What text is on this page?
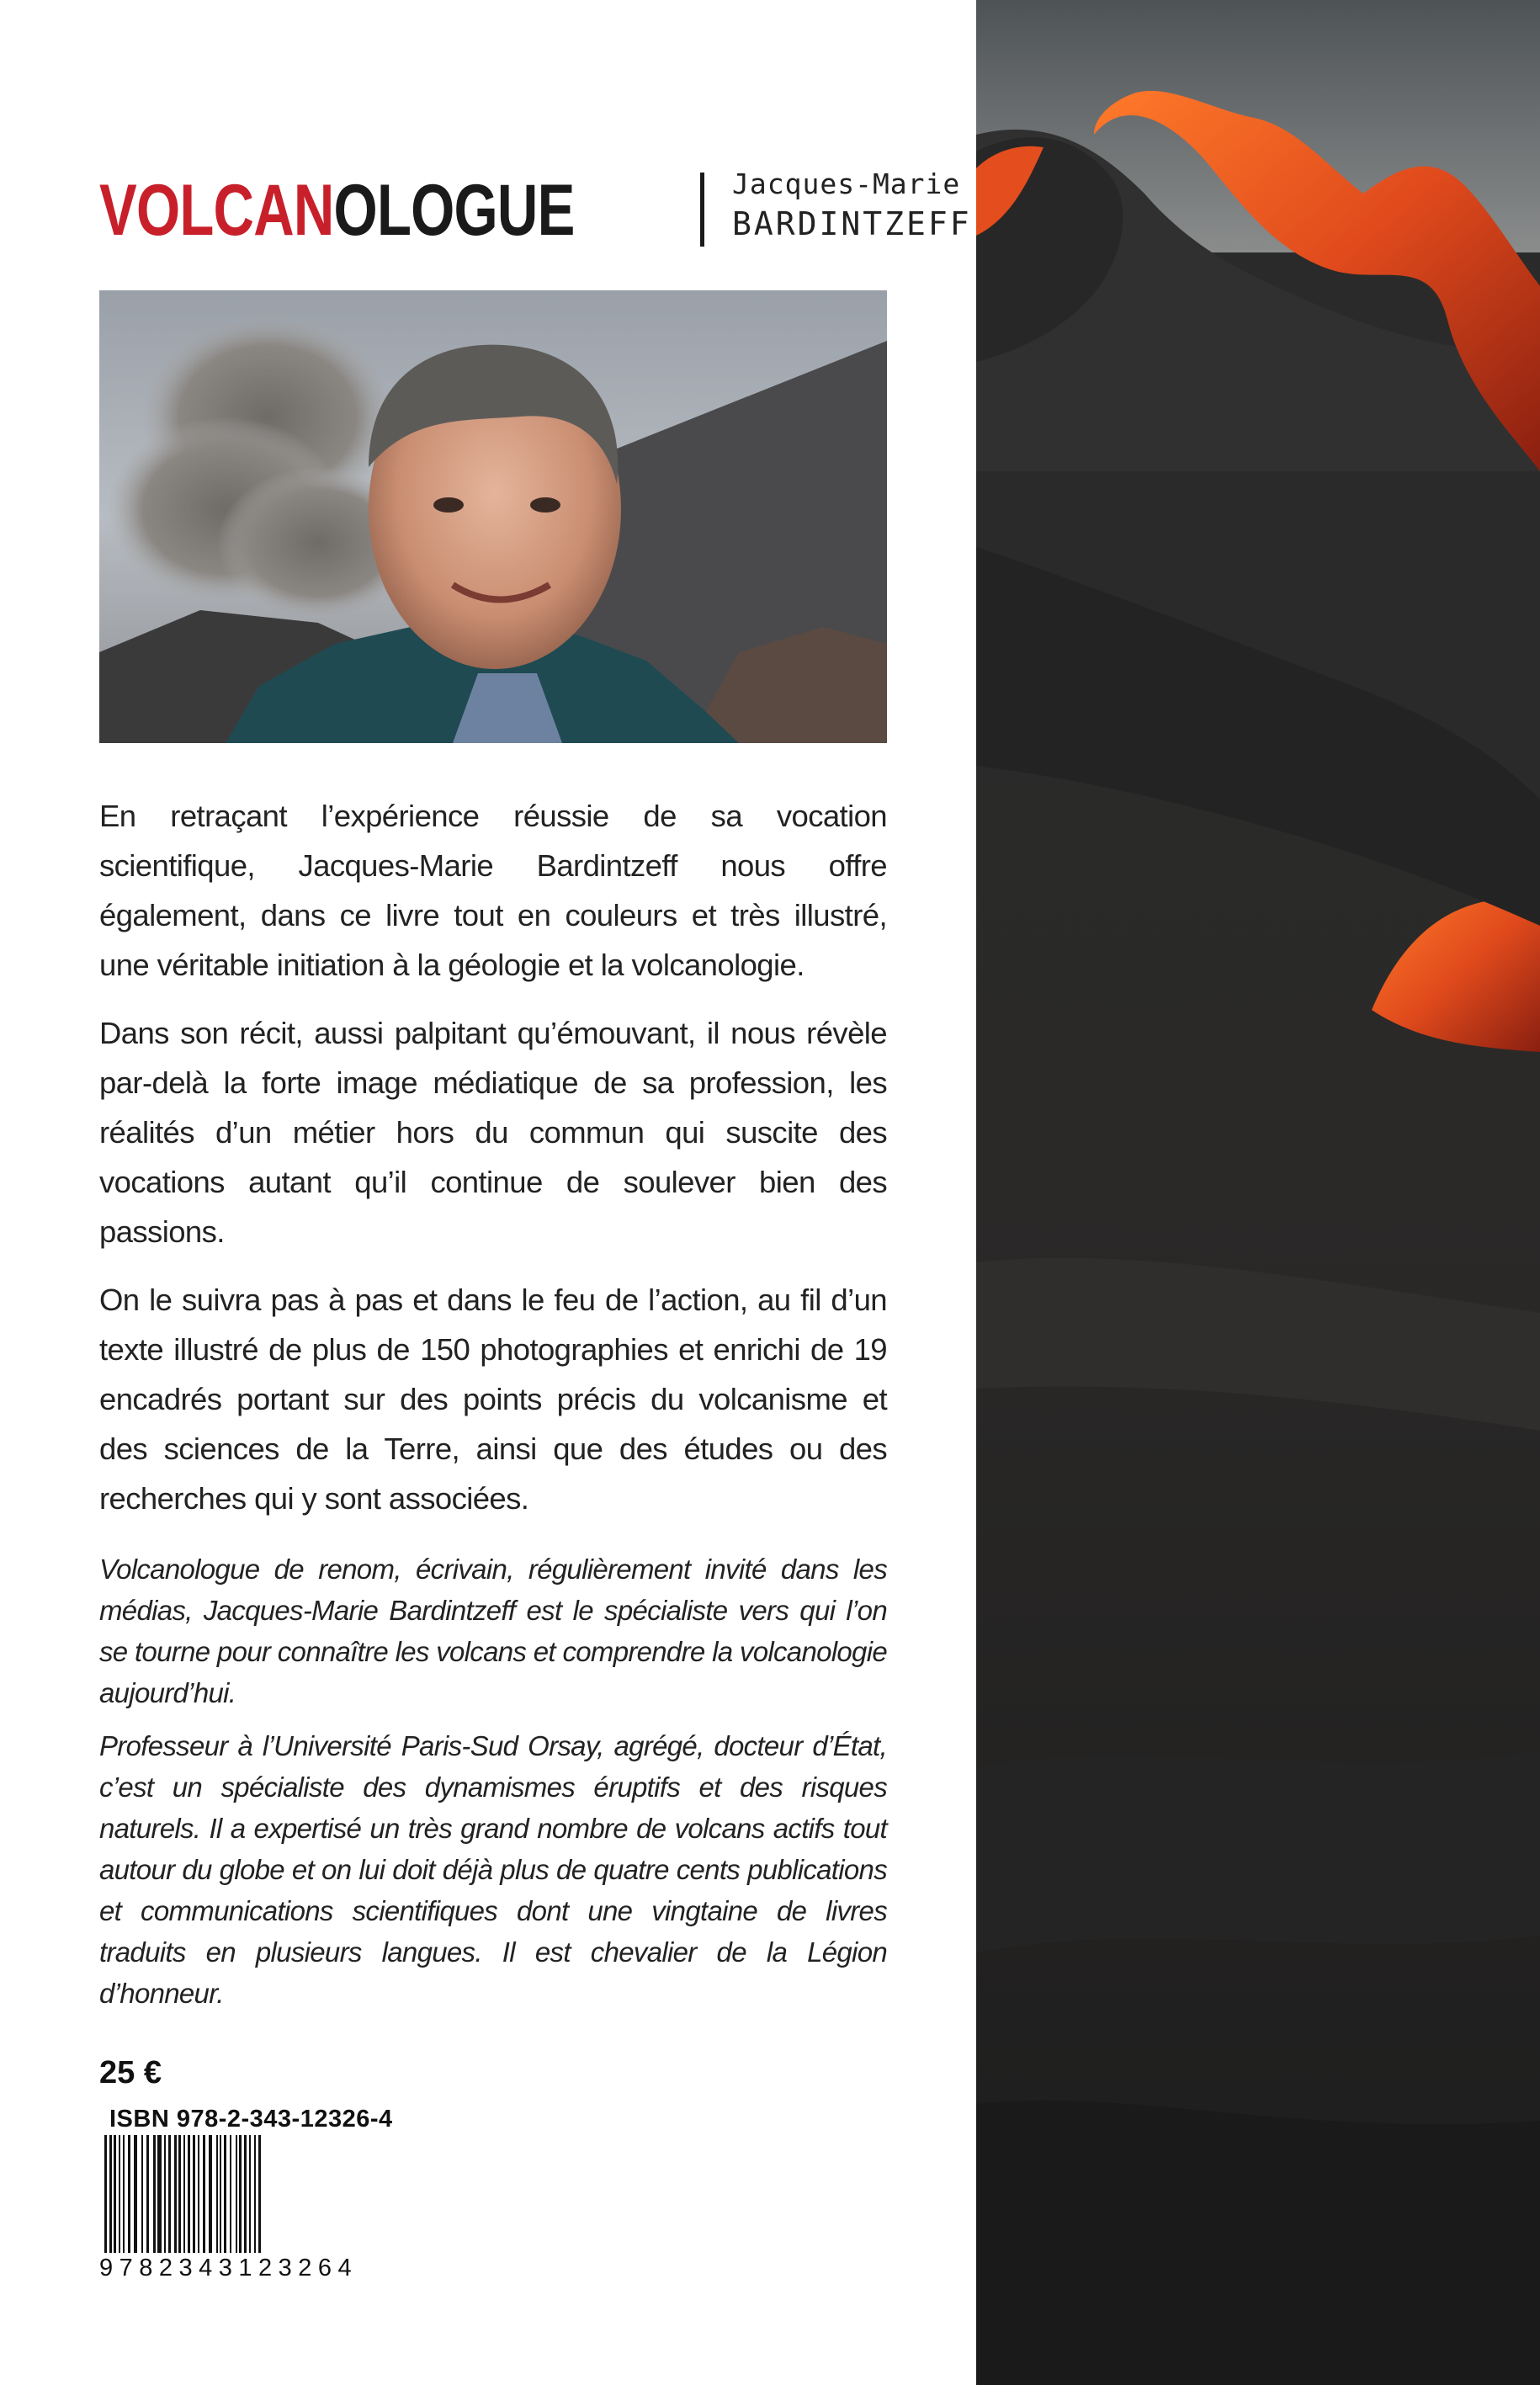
VOLCANOLOGUE	Jacques-Marie
BARDINTZEFF

En retraçant l’expérience réussie de sa vocation scientifique, Jacques-Marie Bardintzeff nous offre également, dans ce livre tout en couleurs et très illustré, une véritable initiation à la géologie et la volcanologie.

Dans son récit, aussi palpitant qu’émouvant, il nous révèle par-delà la forte image médiatique de sa profession, les réalités d’un métier hors du commun qui suscite des vocations autant qu’il continue de soulever bien des passions.

On le suivra pas à pas et dans le feu de l’action, au fil d’un texte illustré de plus de 150 photographies et enrichi de 19 encadrés portant sur des points précis du volcanisme et des sciences de la Terre, ainsi que des études ou des recherches qui y sont associées.

Volcanologue de renom, écrivain, régulièrement invité dans les médias, Jacques-Marie Bardintzeff est le spécialiste vers qui l’on se tourne pour connaître les volcans et comprendre la volcanologie aujourd’hui.

Professeur à l’Université Paris-Sud Orsay, agrégé, docteur d’État, c’est un spécialiste des dynamismes éruptifs et des risques naturels. Il a expertisé un très grand nombre de volcans actifs tout autour du globe et on lui doit déjà plus de quatre cents publications et communications scientifiques dont une vingtaine de livres traduits en plusieurs langues. Il est chevalier de la Légion d’honneur.

25 €
ISBN 978-2-343-12326-4
9782343123264
